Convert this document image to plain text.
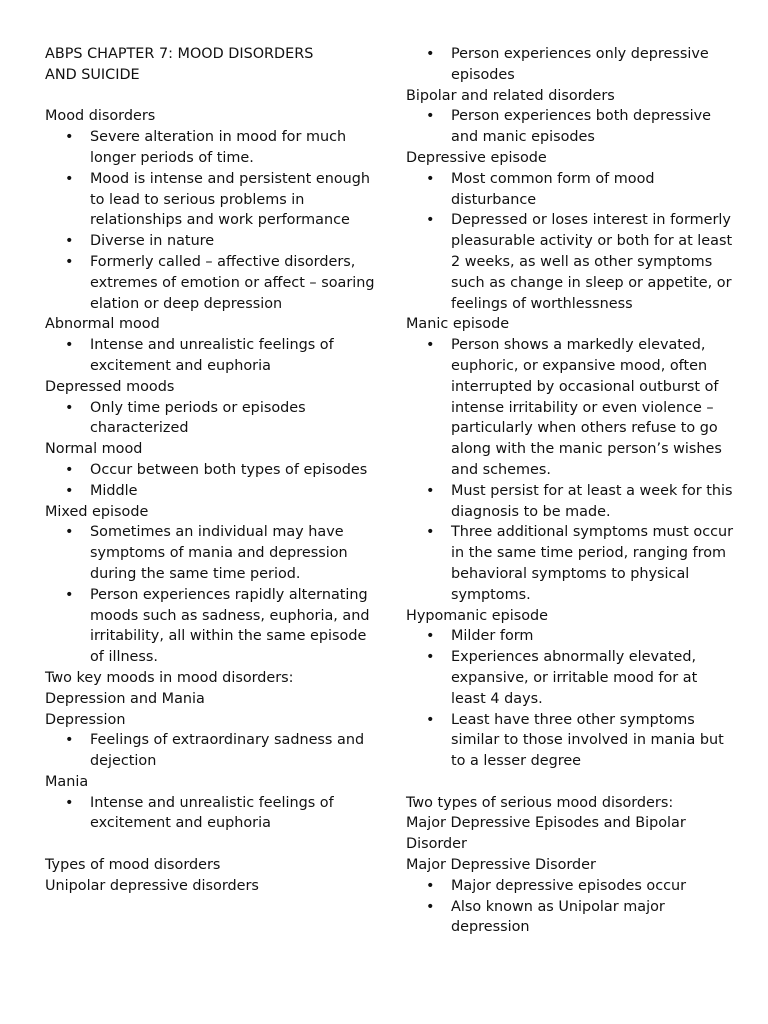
ABPS CHAPTER 7: MOOD DISORDERS

AND SUICIDE

Mood disorders

• Severe alteration in mood for much longer periods of time.
• Mood is intense and persistent enough to lead to serious problems in relationships and work performance
• Diverse in nature
• Formerly called – affective disorders, extremes of emotion or affect – soaring elation or deep depression

Abnormal mood

• Intense and unrealistic feelings of excitement and euphoria

Depressed moods

• Only time periods or episodes characterized

Normal mood

• Occur between both types of episodes
• Middle

Mixed episode

• Sometimes an individual may have symptoms of mania and depression during the same time period.
• Person experiences rapidly alternating moods such as sadness, euphoria, and irritability, all within the same episode of illness.

Two key moods in mood disorders:

Depression and Mania

Depression

• Feelings of extraordinary sadness and dejection

Mania

• Intense and unrealistic feelings of excitement and euphoria

Types of mood disorders

Unipolar depressive disorders

• Person experiences only depressive episodes

Bipolar and related disorders

• Person experiences both depressive and manic episodes

Depressive episode

• Most common form of mood disturbance
• Depressed or loses interest in formerly pleasurable activity or both for at least 2 weeks, as well as other symptoms such as change in sleep or appetite, or feelings of worthlessness

Manic episode

• Person shows a markedly elevated, euphoric, or expansive mood, often interrupted by occasional outburst of intense irritability or even violence – particularly when others refuse to go along with the manic person’s wishes and schemes.
• Must persist for at least a week for this diagnosis to be made.
• Three additional symptoms must occur in the same time period, ranging from behavioral symptoms to physical symptoms.

Hypomanic episode

• Milder form
• Experiences abnormally elevated, expansive, or irritable mood for at least 4 days.
• Least have three other symptoms similar to those involved in mania but to a lesser degree

Two types of serious mood disorders:

Major Depressive Episodes and Bipolar Disorder

Major Depressive Disorder

• Major depressive episodes occur
• Also known as Unipolar major depression
